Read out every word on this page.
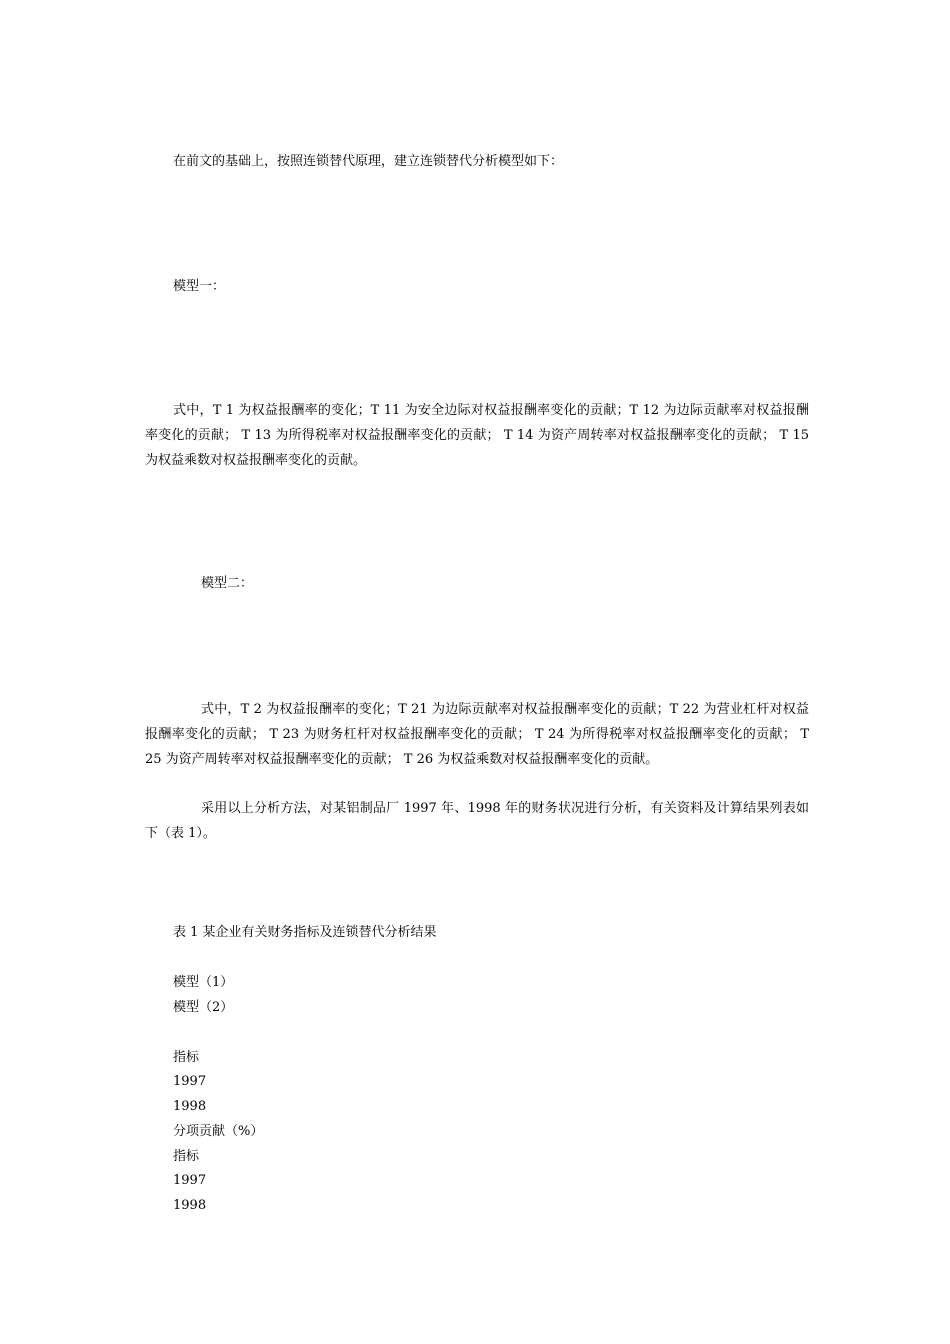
在前文的基础上，按照连锁替代原理，建立连锁替代分析模型如下：
模型一：
式中，T 1 为权益报酬率的变化；T 11 为安全边际对权益报酬率变化的贡献；T 12 为边际贡献率对权益报酬率变化的贡献； T 13 为所得税率对权益报酬率变化的贡献； T 14 为资产周转率对权益报酬率变化的贡献； T 15 为权益乘数对权益报酬率变化的贡献。
模型二：
式中，T 2 为权益报酬率的变化；T 21 为边际贡献率对权益报酬率变化的贡献；T 22 为营业杠杆对权益报酬率变化的贡献； T 23 为财务杠杆对权益报酬率变化的贡献； T 24 为所得税率对权益报酬率变化的贡献； T 25 为资产周转率对权益报酬率变化的贡献； T 26 为权益乘数对权益报酬率变化的贡献。
采用以上分析方法，对某铝制品厂 1997 年、1998 年的财务状况进行分析，有关资料及计算结果列表如下（表 1）。
表 1 某企业有关财务指标及连锁替代分析结果
模型（1）
模型（2）
指标
1997
1998
分项贡献（%）
指标
1997
1998
